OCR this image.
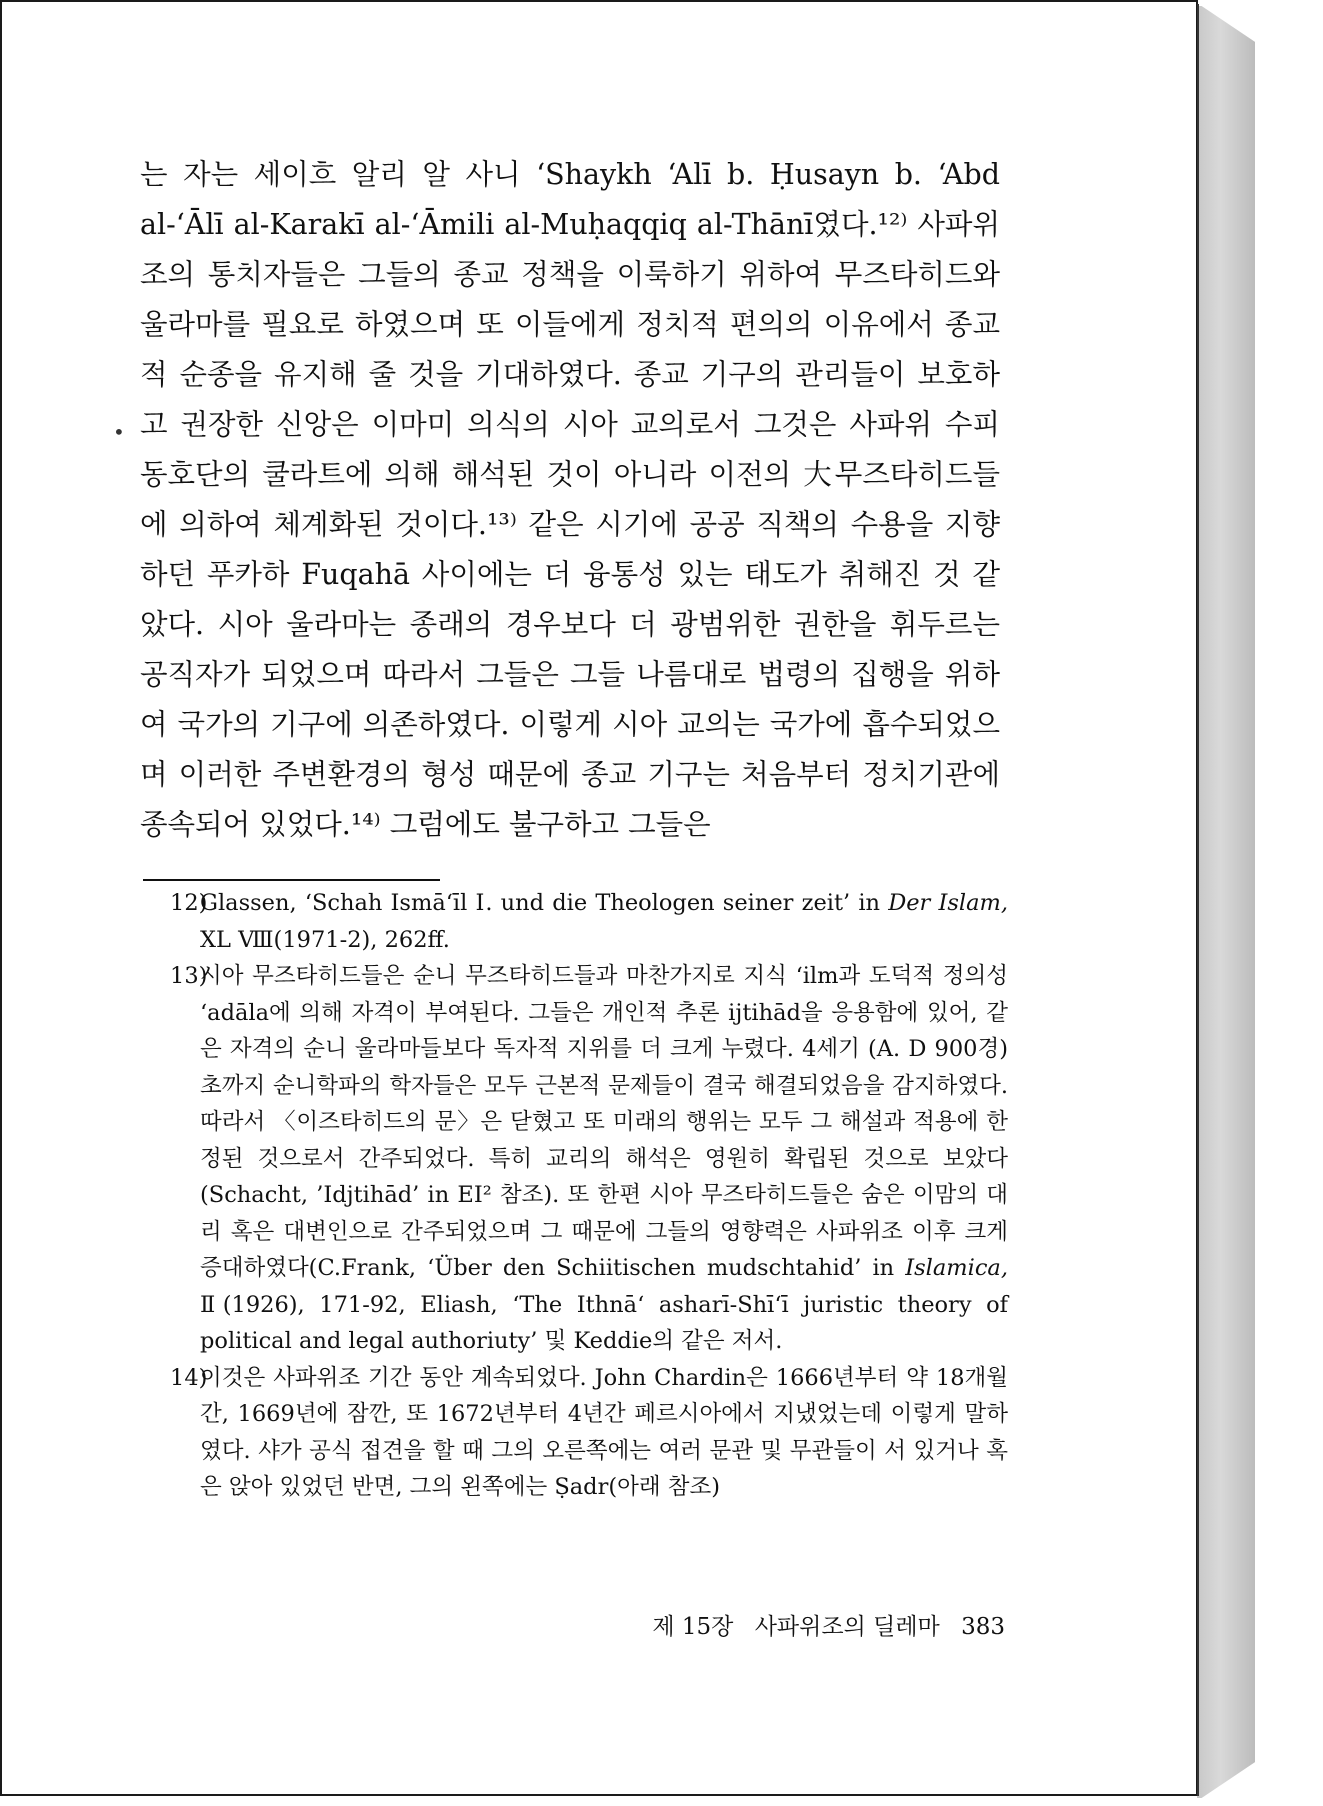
•

는 자는 세이흐 알리 알 사니 ‘Shaykh ‘Alī b. Ḥusayn b. ‘Abd al-‘Ālī al-Karakī al-‘Āmili al-Muḥaqqiq al-Thānī였다.¹²⁾ 사파위조의 통치자들은 그들의 종교 정책을 이룩하기 위하여 무즈타히드와 울라마를 필요로 하였으며 또 이들에게 정치적 편의의 이유에서 종교적 순종을 유지해 줄 것을 기대하였다. 종교 기구의 관리들이 보호하고 권장한 신앙은 이마미 의식의 시아 교의로서 그것은 사파위 수피 동호단의 쿨라트에 의해 해석된 것이 아니라 이전의 大무즈타히드들에 의하여 체계화된 것이다.¹³⁾ 같은 시기에 공공 직책의 수용을 지향하던 푸카하 Fuqahā 사이에는 더 융통성 있는 태도가 취해진 것 같았다. 시아 울라마는 종래의 경우보다 더 광범위한 권한을 휘두르는 공직자가 되었으며 따라서 그들은 그들 나름대로 법령의 집행을 위하여 국가의 기구에 의존하였다. 이렇게 시아 교의는 국가에 흡수되었으며 이러한 주변환경의 형성 때문에 종교 기구는 처음부터 정치기관에 종속되어 있었다.¹⁴⁾ 그럼에도 불구하고 그들은

12)Glassen, ‘Schah Ismā‘īl Ⅰ. und die Theologen seiner zeit’ in Der Islam, XL Ⅷ(1971-2), 262ff.

13)시아 무즈타히드들은 순니 무즈타히드들과 마찬가지로 지식 ‘ilm과 도덕적 정의성 ‘adāla에 의해 자격이 부여된다. 그들은 개인적 추론 ijtihād을 응용함에 있어, 같은 자격의 순니 울라마들보다 독자적 지위를 더 크게 누렸다. 4세기 (A. D 900경) 초까지 순니학파의 학자들은 모두 근본적 문제들이 결국 해결되었음을 감지하였다. 따라서 〈이즈타히드의 문〉은 닫혔고 또 미래의 행위는 모두 그 해설과 적용에 한정된 것으로서 간주되었다. 특히 교리의 해석은 영원히 확립된 것으로 보았다(Schacht, ’Idjtihād’ in EI² 참조). 또 한편 시아 무즈타히드들은 숨은 이맘의 대리 혹은 대변인으로 간주되었으며 그 때문에 그들의 영향력은 사파위조 이후 크게 증대하였다(C.Frank, ‘Über den Schiitischen mudschtahid’ in Islamica, Ⅱ(1926), 171-92, Eliash, ‘The Ithnā‘ asharī-Shī‘ī juristic theory of political and legal authoriuty’ 및 Keddie의 같은 저서.

14)이것은 사파위조 기간 동안 계속되었다. John Chardin은 1666년부터 약 18개월간, 1669년에 잠깐, 또 1672년부터 4년간 페르시아에서 지냈었는데 이렇게 말하였다. 샤가 공식 접견을 할 때 그의 오른쪽에는 여러 문관 및 무관들이 서 있거나 혹은 앉아 있었던 반면, 그의 왼쪽에는 Ṣadr(아래 참조)

제 15장 사파위조의 딜레마 383
